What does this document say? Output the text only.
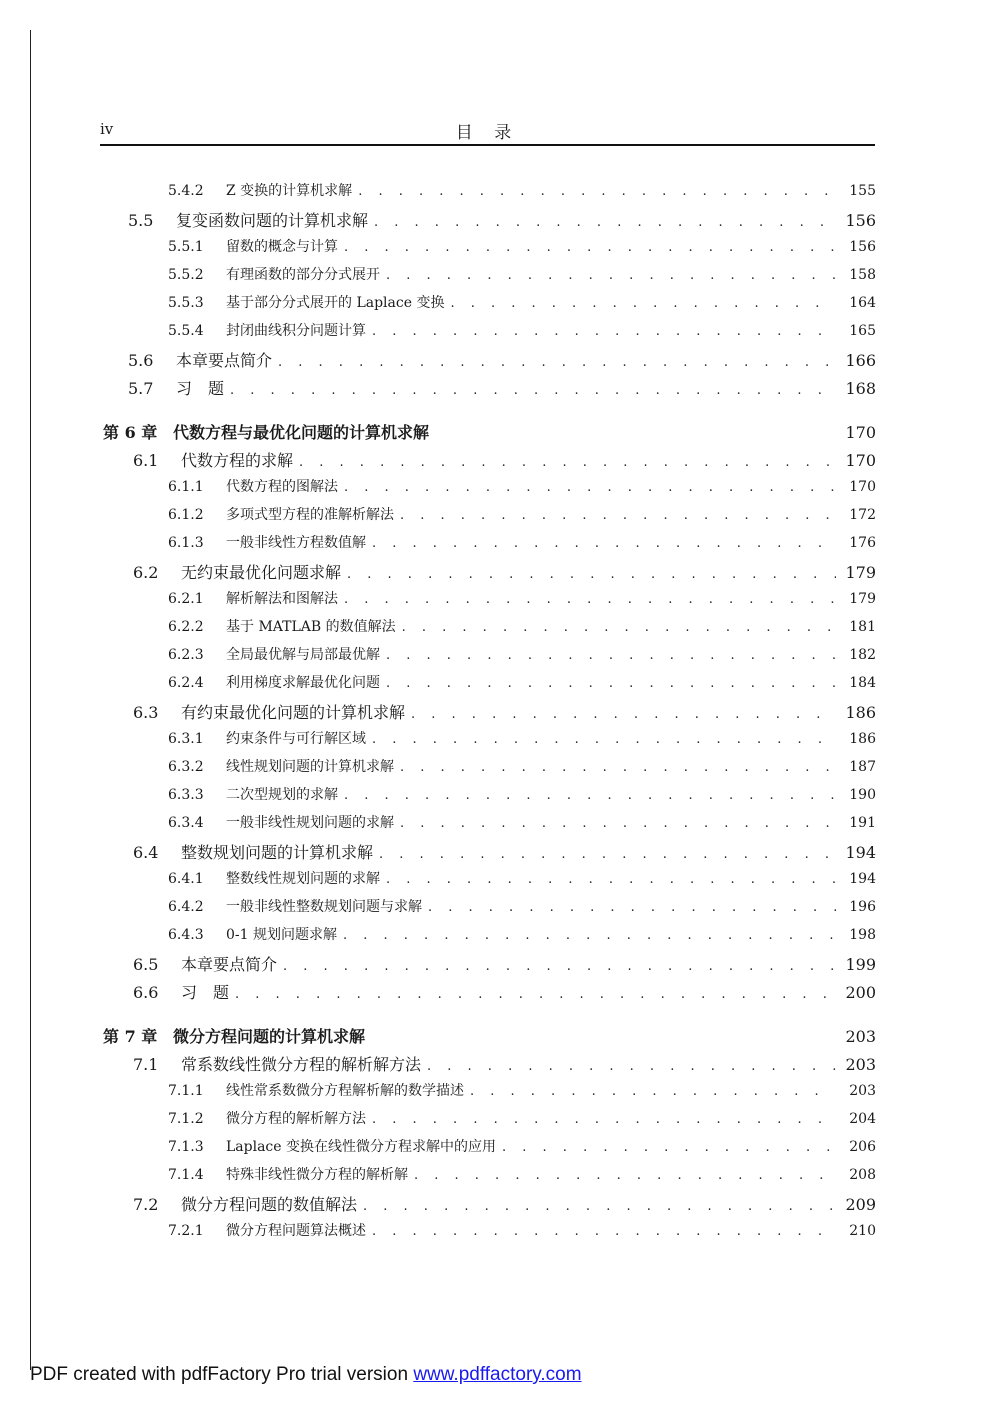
iv	目 录
5.4.2	Z 变换的计算机求解 . . .	155
5.5	复变函数问题的计算机求解 . . .	156
5.5.1	留数的概念与计算 . . .	156
5.5.2	有理函数的部分分式展开 . . .	158
5.5.3	基于部分分式展开的 Laplace 变换 . . .	164
5.5.4	封闭曲线积分问题计算 . . .	165
5.6	本章要点简介 . . .	166
5.7	习　题 . . .	168
第 6 章 代数方程与最优化问题的计算机求解	170
6.1	代数方程的求解 . . .	170
6.1.1	代数方程的图解法 . . .	170
6.1.2	多项式型方程的准解析解法 . . .	172
6.1.3	一般非线性方程数值解 . . .	176
6.2	无约束最优化问题求解 . . .	179
6.2.1	解析解法和图解法 . . .	179
6.2.2	基于 MATLAB 的数值解法 . . .	181
6.2.3	全局最优解与局部最优解 . . .	182
6.2.4	利用梯度求解最优化问题 . . .	184
6.3	有约束最优化问题的计算机求解 . . .	186
6.3.1	约束条件与可行解区域 . . .	186
6.3.2	线性规划问题的计算机求解 . . .	187
6.3.3	二次型规划的求解 . . .	190
6.3.4	一般非线性规划问题的求解 . . .	191
6.4	整数规划问题的计算机求解 . . .	194
6.4.1	整数线性规划问题的求解 . . .	194
6.4.2	一般非线性整数规划问题与求解 . . .	196
6.4.3	0-1 规划问题求解 . . .	198
6.5	本章要点简介 . . .	199
6.6	习　题 . . .	200
第 7 章 微分方程问题的计算机求解	203
7.1	常系数线性微分方程的解析解方法 . . .	203
7.1.1	线性常系数微分方程解析解的数学描述 . . .	203
7.1.2	微分方程的解析解方法 . . .	204
7.1.3	Laplace 变换在线性微分方程求解中的应用 . . .	206
7.1.4	特殊非线性微分方程的解析解 . . .	208
7.2	微分方程问题的数值解法 . . .	209
7.2.1	微分方程问题算法概述 . . .	210
PDF created with pdfFactory Pro trial version www.pdffactory.com
